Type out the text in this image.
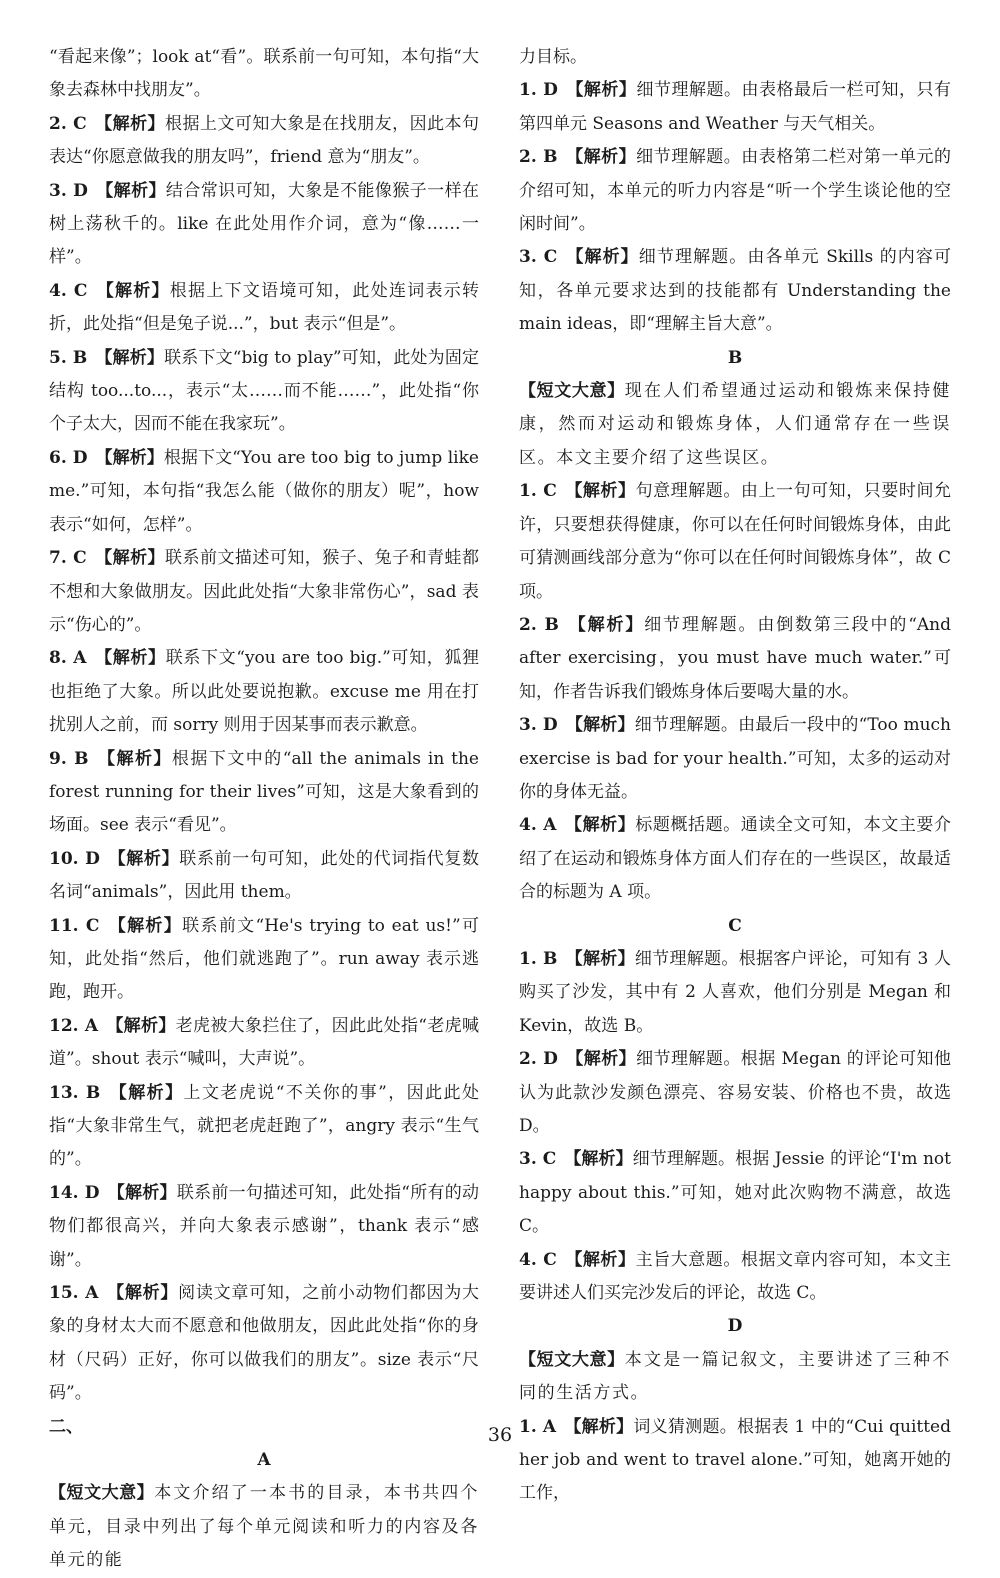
“看起来像”；look at“看”。联系前一句可知，本句指“大象去森林中找朋友”。

2. C 【解析】根据上文可知大象是在找朋友，因此本句表达“你愿意做我的朋友吗”，friend 意为“朋友”。

3. D 【解析】结合常识可知，大象是不能像猴子一样在树上荡秋千的。like 在此处用作介词，意为“像……一样”。

4. C 【解析】根据上下文语境可知，此处连词表示转折，此处指“但是兔子说...”，but 表示“但是”。

5. B 【解析】联系下文“big to play”可知，此处为固定结构 too...to...，表示“太……而不能……”，此处指“你个子太大，因而不能在我家玩”。

6. D 【解析】根据下文“You are too big to jump like me.”可知，本句指“我怎么能（做你的朋友）呢”，how 表示“如何，怎样”。

7. C 【解析】联系前文描述可知，猴子、兔子和青蛙都不想和大象做朋友。因此此处指“大象非常伤心”，sad 表示“伤心的”。

8. A 【解析】联系下文“you are too big.”可知，狐狸也拒绝了大象。所以此处要说抱歉。excuse me 用在打扰别人之前，而 sorry 则用于因某事而表示歉意。

9. B 【解析】根据下文中的“all the animals in the forest running for their lives”可知，这是大象看到的场面。see 表示“看见”。

10. D 【解析】联系前一句可知，此处的代词指代复数名词“animals”，因此用 them。

11. C 【解析】联系前文“He's trying to eat us!”可知，此处指“然后，他们就逃跑了”。run away 表示逃跑，跑开。

12. A 【解析】老虎被大象拦住了，因此此处指“老虎喊道”。shout 表示“喊叫，大声说”。

13. B 【解析】上文老虎说“不关你的事”，因此此处指“大象非常生气，就把老虎赶跑了”，angry 表示“生气的”。

14. D 【解析】联系前一句描述可知，此处指“所有的动物们都很高兴，并向大象表示感谢”，thank 表示“感谢”。

15. A 【解析】阅读文章可知，之前小动物们都因为大象的身材太大而不愿意和他做朋友，因此此处指“你的身材（尺码）正好，你可以做我们的朋友”。size 表示“尺码”。

二、

A

【短文大意】本文介绍了一本书的目录，本书共四个单元，目录中列出了每个单元阅读和听力的内容及各单元的能

力目标。

1. D 【解析】细节理解题。由表格最后一栏可知，只有第四单元 Seasons and Weather 与天气相关。

2. B 【解析】细节理解题。由表格第二栏对第一单元的介绍可知，本单元的听力内容是“听一个学生谈论他的空闲时间”。

3. C 【解析】细节理解题。由各单元 Skills 的内容可知，各单元要求达到的技能都有 Understanding the main ideas，即“理解主旨大意”。

B

【短文大意】现在人们希望通过运动和锻炼来保持健康，然而对运动和锻炼身体，人们通常存在一些误区。本文主要介绍了这些误区。

1. C 【解析】句意理解题。由上一句可知，只要时间允许，只要想获得健康，你可以在任何时间锻炼身体，由此可猜测画线部分意为“你可以在任何时间锻炼身体”，故 C 项。

2. B 【解析】细节理解题。由倒数第三段中的“And after exercising，you must have much water.”可知，作者告诉我们锻炼身体后要喝大量的水。

3. D 【解析】细节理解题。由最后一段中的“Too much exercise is bad for your health.”可知，太多的运动对你的身体无益。

4. A 【解析】标题概括题。通读全文可知，本文主要介绍了在运动和锻炼身体方面人们存在的一些误区，故最适合的标题为 A 项。

C

1. B 【解析】细节理解题。根据客户评论，可知有 3 人购买了沙发，其中有 2 人喜欢，他们分别是 Megan 和 Kevin，故选 B。

2. D 【解析】细节理解题。根据 Megan 的评论可知他认为此款沙发颜色漂亮、容易安装、价格也不贵，故选 D。

3. C 【解析】细节理解题。根据 Jessie 的评论“I'm not happy about this.”可知，她对此次购物不满意，故选 C。

4. C 【解析】主旨大意题。根据文章内容可知，本文主要讲述人们买完沙发后的评论，故选 C。

D

【短文大意】本文是一篇记叙文，主要讲述了三种不同的生活方式。

1. A 【解析】词义猜测题。根据表 1 中的“Cui quitted her job and went to travel alone.”可知，她离开她的工作，

36
